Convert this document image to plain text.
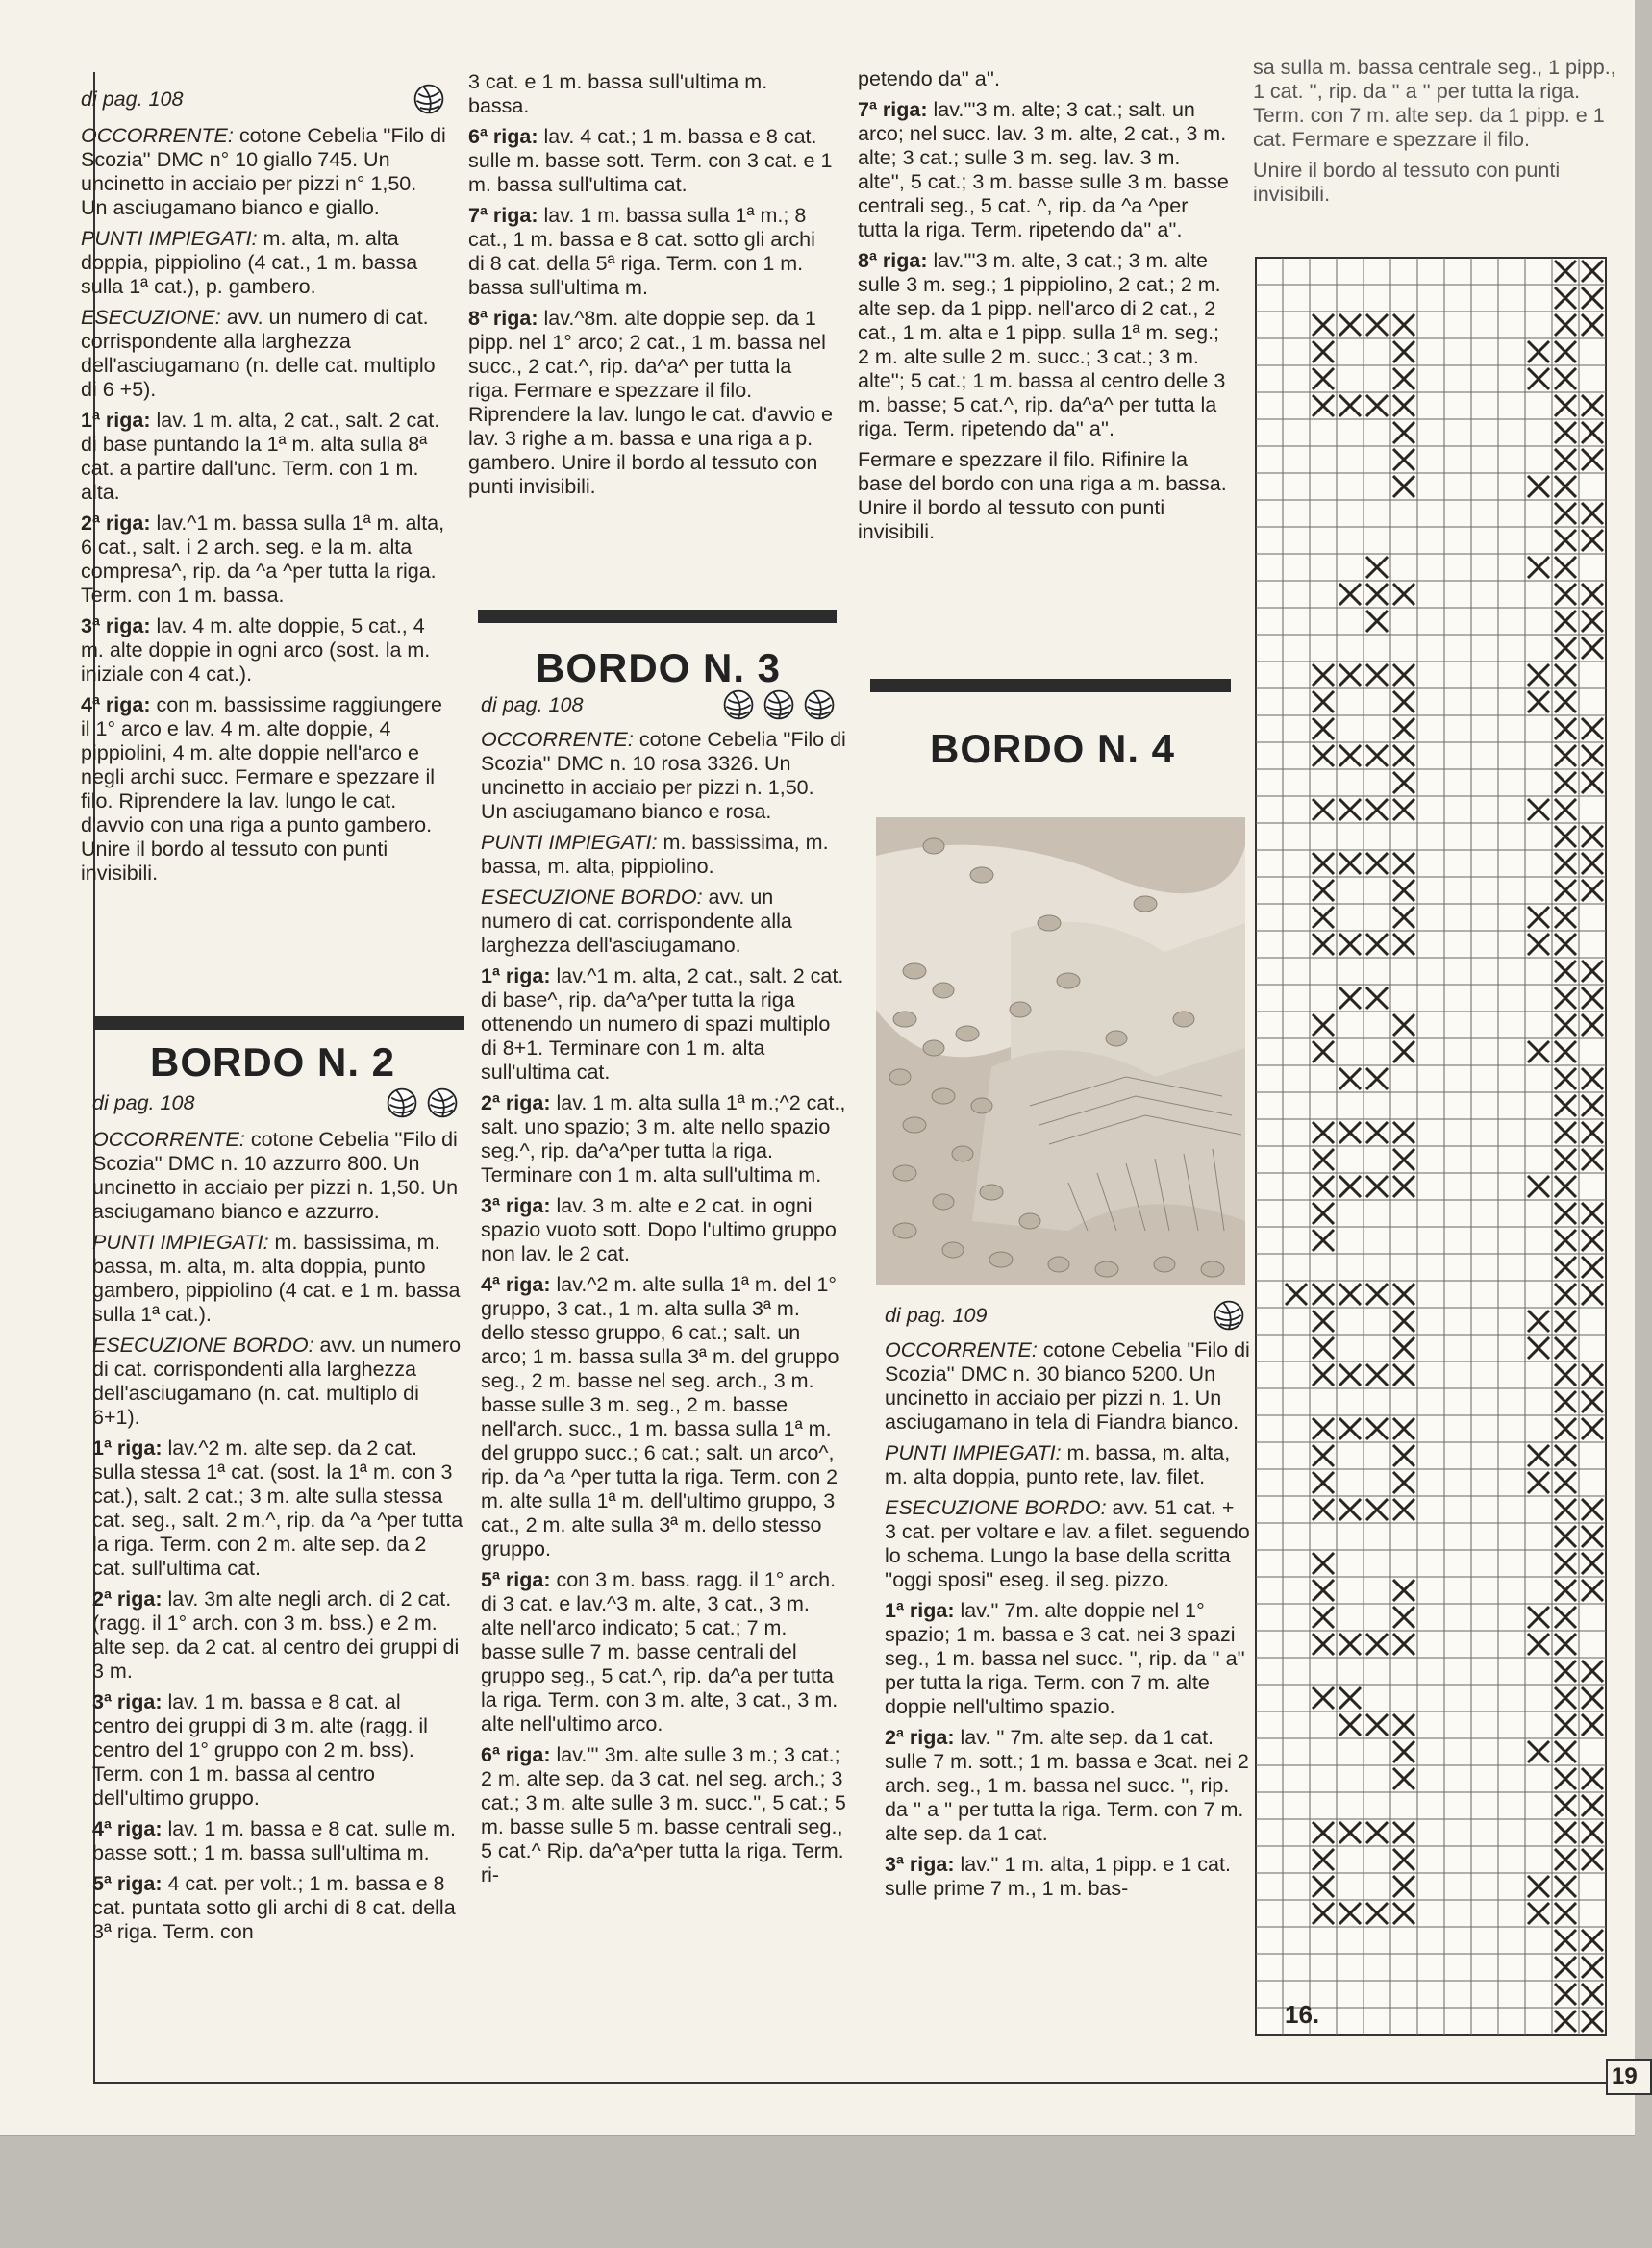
di pag. 108

OCCORRENTE: cotone Cebelia ''Filo di Scozia'' DMC n° 10 giallo 745. Un uncinetto in acciaio per pizzi n° 1,50. Un asciugamano bianco e giallo.

PUNTI IMPIEGATI: m. alta, m. alta doppia, pippiolino (4 cat., 1 m. bassa sulla 1ª cat.), p. gambero.

ESECUZIONE: avv. un numero di cat. corrispondente alla larghezza dell'asciugamano (n. delle cat. multiplo di 6 +5).

1ª riga: lav. 1 m. alta, 2 cat., salt. 2 cat. di base puntando la 1ª m. alta sulla 8ª cat. a partire dall'unc. Term. con 1 m. alta.

2ª riga: lav.^1 m. bassa sulla 1ª m. alta, 6 cat., salt. i 2 arch. seg. e la m. alta compresa^, rip. da ^a ^per tutta la riga. Term. con 1 m. bassa.

3ª riga: lav. 4 m. alte doppie, 5 cat., 4 m. alte doppie in ogni arco (sost. la m. iniziale con 4 cat.).

4ª riga: con m. bassissime raggiungere il 1° arco e lav. 4 m. alte doppie, 4 pippiolini, 4 m. alte doppie nell'arco e negli archi succ. Fermare e spezzare il filo. Riprendere la lav. lungo le cat. d'avvio con una riga a punto gambero. Unire il bordo al tessuto con punti invisibili.

BORDO N. 2
di pag. 108

OCCORRENTE: cotone Cebelia ''Filo di Scozia'' DMC n. 10 azzurro 800. Un uncinetto in acciaio per pizzi n. 1,50. Un asciugamano bianco e azzurro.

PUNTI IMPIEGATI: m. bassissima, m. bassa, m. alta, m. alta doppia, punto gambero, pippiolino (4 cat. e 1 m. bassa sulla 1ª cat.).

ESECUZIONE BORDO: avv. un numero di cat. corrispondenti alla larghezza dell'asciugamano (n. cat. multiplo di 6+1).

1ª riga: lav.^2 m. alte sep. da 2 cat. sulla stessa 1ª cat. (sost. la 1ª m. con 3 cat.), salt. 2 cat.; 3 m. alte sulla stessa cat. seg., salt. 2 m.^, rip. da ^a ^per tutta la riga. Term. con 2 m. alte sep. da 2 cat. sull'ultima cat.

2ª riga: lav. 3m alte negli arch. di 2 cat. (ragg. il 1° arch. con 3 m. bss.) e 2 m. alte sep. da 2 cat. al centro dei gruppi di 3 m.

3ª riga: lav. 1 m. bassa e 8 cat. al centro dei gruppi di 3 m. alte (ragg. il centro del 1° gruppo con 2 m. bss). Term. con 1 m. bassa al centro dell'ultimo gruppo.

4ª riga: lav. 1 m. bassa e 8 cat. sulle m. basse sott.; 1 m. bassa sull'ultima m.

5ª riga: 4 cat. per volt.; 1 m. bassa e 8 cat. puntata sotto gli archi di 8 cat. della 3ª riga. Term. con

3 cat. e 1 m. bassa sull'ultima m. bassa.

6ª riga: lav. 4 cat.; 1 m. bassa e 8 cat. sulle m. basse sott. Term. con 3 cat. e 1 m. bassa sull'ultima cat.

7ª riga: lav. 1 m. bassa sulla 1ª m.; 8 cat., 1 m. bassa e 8 cat. sotto gli archi di 8 cat. della 5ª riga. Term. con 1 m. bassa sull'ultima m.

8ª riga: lav.^8m. alte doppie sep. da 1 pipp. nel 1° arco; 2 cat., 1 m. bassa nel succ., 2 cat.^, rip. da^a^ per tutta la riga. Fermare e spezzare il filo. Riprendere la lav. lungo le cat. d'avvio e lav. 3 righe a m. bassa e una riga a p. gambero. Unire il bordo al tessuto con punti invisibili.

BORDO N. 3
di pag. 108

OCCORRENTE: cotone Cebelia ''Filo di Scozia'' DMC n. 10 rosa 3326. Un uncinetto in acciaio per pizzi n. 1,50. Un asciugamano bianco e rosa.

PUNTI IMPIEGATI: m. bassissima, m. bassa, m. alta, pippiolino.

ESECUZIONE BORDO: avv. un numero di cat. corrispondente alla larghezza dell'asciugamano.

1ª riga: lav.^1 m. alta, 2 cat., salt. 2 cat. di base^, rip. da^a^per tutta la riga ottenendo un numero di spazi multiplo di 8+1. Terminare con 1 m. alta sull'ultima cat.

2ª riga: lav. 1 m. alta sulla 1ª m.;^2 cat., salt. uno spazio; 3 m. alte nello spazio seg.^, rip. da^a^per tutta la riga. Terminare con 1 m. alta sull'ultima m.

3ª riga: lav. 3 m. alte e 2 cat. in ogni spazio vuoto sott. Dopo l'ultimo gruppo non lav. le 2 cat.

4ª riga: lav.^2 m. alte sulla 1ª m. del 1° gruppo, 3 cat., 1 m. alta sulla 3ª m. dello stesso gruppo, 6 cat.; salt. un arco; 1 m. bassa sulla 3ª m. del gruppo seg., 2 m. basse nel seg. arch., 3 m. basse sulle 3 m. seg., 2 m. basse nell'arch. succ., 1 m. bassa sulla 1ª m. del gruppo succ.; 6 cat.; salt. un arco^, rip. da ^a ^per tutta la riga. Term. con 2 m. alte sulla 1ª m. dell'ultimo gruppo, 3 cat., 2 m. alte sulla 3ª m. dello stesso gruppo.

5ª riga: con 3 m. bass. ragg. il 1° arch. di 3 cat. e lav.^3 m. alte, 3 cat., 3 m. alte nell'arco indicato; 5 cat.; 7 m. basse sulle 7 m. basse centrali del gruppo seg., 5 cat.^, rip. da^a per tutta la riga. Term. con 3 m. alte, 3 cat., 3 m. alte nell'ultimo arco.

6ª riga: lav.''' 3m. alte sulle 3 m.; 3 cat.; 2 m. alte sep. da 3 cat. nel seg. arch.; 3 cat.; 3 m. alte sulle 3 m. succ.'', 5 cat.; 5 m. basse sulle 5 m. basse centrali seg., 5 cat.^ Rip. da^a^per tutta la riga. Term. ri-

petendo da'' a''.

7ª riga: lav.'''3 m. alte; 3 cat.; salt. un arco; nel succ. lav. 3 m. alte, 2 cat., 3 m. alte; 3 cat.; sulle 3 m. seg. lav. 3 m. alte'', 5 cat.; 3 m. basse sulle 3 m. basse centrali seg., 5 cat. ^, rip. da ^a ^per tutta la riga. Term. ripetendo da'' a''.

8ª riga: lav.'''3 m. alte, 3 cat.; 3 m. alte sulle 3 m. seg.; 1 pippiolino, 2 cat.; 2 m. alte sep. da 1 pipp. nell'arco di 2 cat., 2 cat., 1 m. alta e 1 pipp. sulla 1ª m. seg.; 2 m. alte sulle 2 m. succ.; 3 cat.; 3 m. alte''; 5 cat.; 1 m. bassa al centro delle 3 m. basse; 5 cat.^, rip. da^a^ per tutta la riga. Term. ripetendo da'' a''.

Fermare e spezzare il filo. Rifinire la base del bordo con una riga a m. bassa. Unire il bordo al tessuto con punti invisibili.

BORDO N. 4
di pag. 109

OCCORRENTE: cotone Cebelia ''Filo di Scozia'' DMC n. 30 bianco 5200. Un uncinetto in acciaio per pizzi n. 1. Un asciugamano in tela di Fiandra bianco.

PUNTI IMPIEGATI: m. bassa, m. alta, m. alta doppia, punto rete, lav. filet.

ESECUZIONE BORDO: avv. 51 cat. + 3 cat. per voltare e lav. a filet. seguendo lo schema. Lungo la base della scritta ''oggi sposi'' eseg. il seg. pizzo.

1ª riga: lav.'' 7m. alte doppie nel 1° spazio; 1 m. bassa e 3 cat. nei 3 spazi seg., 1 m. bassa nel succ. '', rip. da '' a'' per tutta la riga. Term. con 7 m. alte doppie nell'ultimo spazio.

2ª riga: lav. '' 7m. alte sep. da 1 cat. sulle 7 m. sott.; 1 m. bassa e 3cat. nei 2 arch. seg., 1 m. bassa nel succ. '', rip. da '' a '' per tutta la riga. Term. con 7 m. alte sep. da 1 cat.

3ª riga: lav.'' 1 m. alta, 1 pipp. e 1 cat. sulle prime 7 m., 1 m. bas-

sa sulla m. bassa centrale seg., 1 pipp., 1 cat. '', rip. da '' a '' per tutta la riga. Term. con 7 m. alte sep. da 1 pipp. e 1 cat. Fermare e spezzare il filo.

Unire il bordo al tessuto con punti invisibili.

16.
19
